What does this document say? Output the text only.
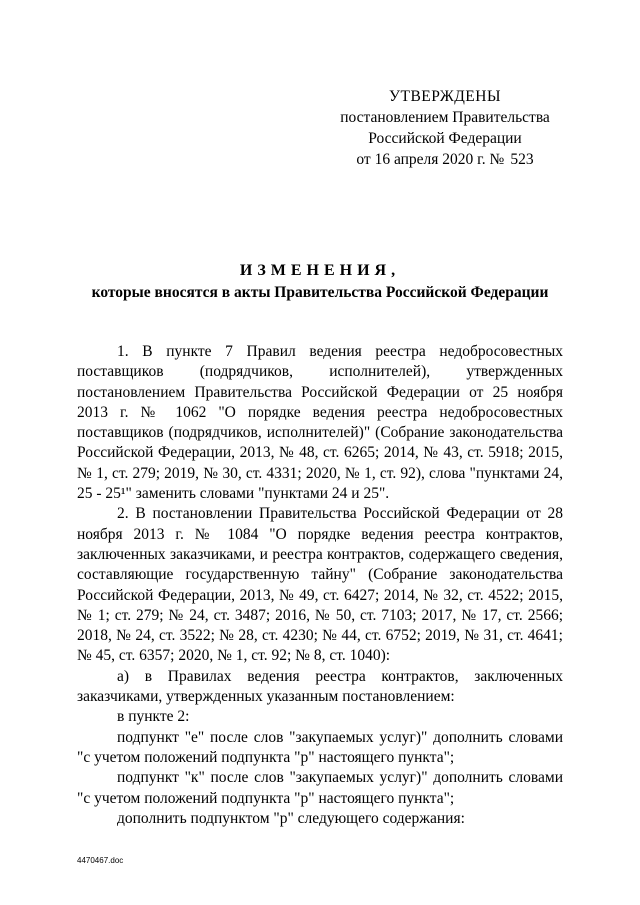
УТВЕРЖДЕНЫ
постановлением Правительства
Российской Федерации
от 16 апреля 2020 г. № 523
ИЗМЕНЕНИЯ,
которые вносятся в акты Правительства Российской Федерации

1. В пункте 7 Правил ведения реестра недобросовестных поставщиков (подрядчиков, исполнителей), утвержденных постановлением Правительства Российской Федерации от 25 ноября 2013 г. № 1062 "О порядке ведения реестра недобросовестных поставщиков (подрядчиков, исполнителей)" (Собрание законодательства Российской Федерации, 2013, № 48, ст. 6265; 2014, № 43, ст. 5918; 2015, № 1, ст. 279; 2019, № 30, ст. 4331; 2020, № 1, ст. 92), слова "пунктами 24, 25 - 25¹" заменить словами "пунктами 24 и 25".

2. В постановлении Правительства Российской Федерации от 28 ноября 2013 г. № 1084 "О порядке ведения реестра контрактов, заключенных заказчиками, и реестра контрактов, содержащего сведения, составляющие государственную тайну" (Собрание законодательства Российской Федерации, 2013, № 49, ст. 6427; 2014, № 32, ст. 4522; 2015, № 1; ст. 279; № 24, ст. 3487; 2016, № 50, ст. 7103; 2017, № 17, ст. 2566; 2018, № 24, ст. 3522; № 28, ст. 4230; № 44, ст. 6752; 2019, № 31, ст. 4641; № 45, ст. 6357; 2020, № 1, ст. 92; № 8, ст. 1040):

а) в Правилах ведения реестра контрактов, заключенных заказчиками, утвержденных указанным постановлением:

в пункте 2:

подпункт "е" после слов "закупаемых услуг)" дополнить словами "с учетом положений подпункта "р" настоящего пункта";

подпункт "к" после слов "закупаемых услуг)" дополнить словами "с учетом положений подпункта "р" настоящего пункта";

дополнить подпунктом "р" следующего содержания:

4470467.doc
